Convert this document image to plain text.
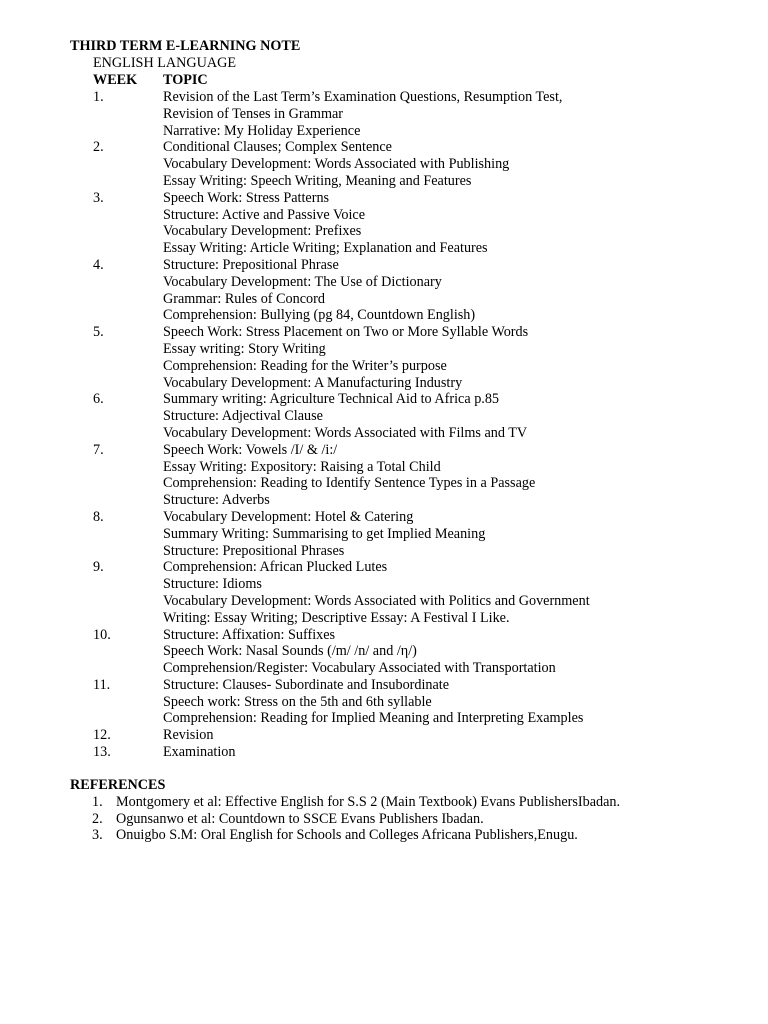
THIRD TERM E-LEARNING NOTE
ENGLISH LANGUAGE
WEEK	TOPIC
1.	Revision of the Last Term’s Examination Questions, Resumption Test,
Revision of Tenses in Grammar
Narrative: My Holiday Experience
2.	Conditional Clauses; Complex Sentence
Vocabulary Development: Words Associated with Publishing
Essay Writing: Speech Writing, Meaning and Features
3.	Speech Work: Stress Patterns
Structure: Active and Passive Voice
Vocabulary Development: Prefixes
Essay Writing: Article Writing; Explanation and Features
4.	Structure: Prepositional Phrase
Vocabulary Development: The Use of Dictionary
Grammar: Rules of Concord
Comprehension: Bullying (pg 84, Countdown English)
5.	Speech Work: Stress Placement on Two or More Syllable Words
Essay writing: Story Writing
Comprehension: Reading for the Writer’s purpose
Vocabulary Development: A Manufacturing Industry
6.	Summary writing: Agriculture Technical Aid to Africa p.85
Structure: Adjectival Clause
Vocabulary Development: Words Associated with Films and TV
7.	Speech Work: Vowels /I/ & /i:/
Essay Writing: Expository: Raising a Total Child
Comprehension: Reading to Identify Sentence Types in a Passage
Structure: Adverbs
8.	Vocabulary Development: Hotel & Catering
Summary Writing: Summarising to get Implied Meaning
Structure: Prepositional Phrases
9.	Comprehension: African Plucked Lutes
Structure: Idioms
Vocabulary Development: Words Associated with Politics and Government
Writing: Essay Writing; Descriptive Essay: A Festival I Like.
10.	Structure: Affixation: Suffixes
Speech Work: Nasal Sounds (/m/ /n/ and /η/)
Comprehension/Register: Vocabulary Associated with Transportation
11.	Structure: Clauses- Subordinate and Insubordinate
Speech work: Stress on the 5th and 6th syllable
Comprehension: Reading for Implied Meaning and Interpreting Examples
12.	Revision
13.	Examination
REFERENCES
1. Montgomery et al: Effective English for S.S 2 (Main Textbook) Evans PublishersIbadan.
2. Ogunsanwo et al: Countdown to SSCE Evans Publishers Ibadan.
3. Onuigbo S.M: Oral English for Schools and Colleges Africana Publishers,Enugu.
